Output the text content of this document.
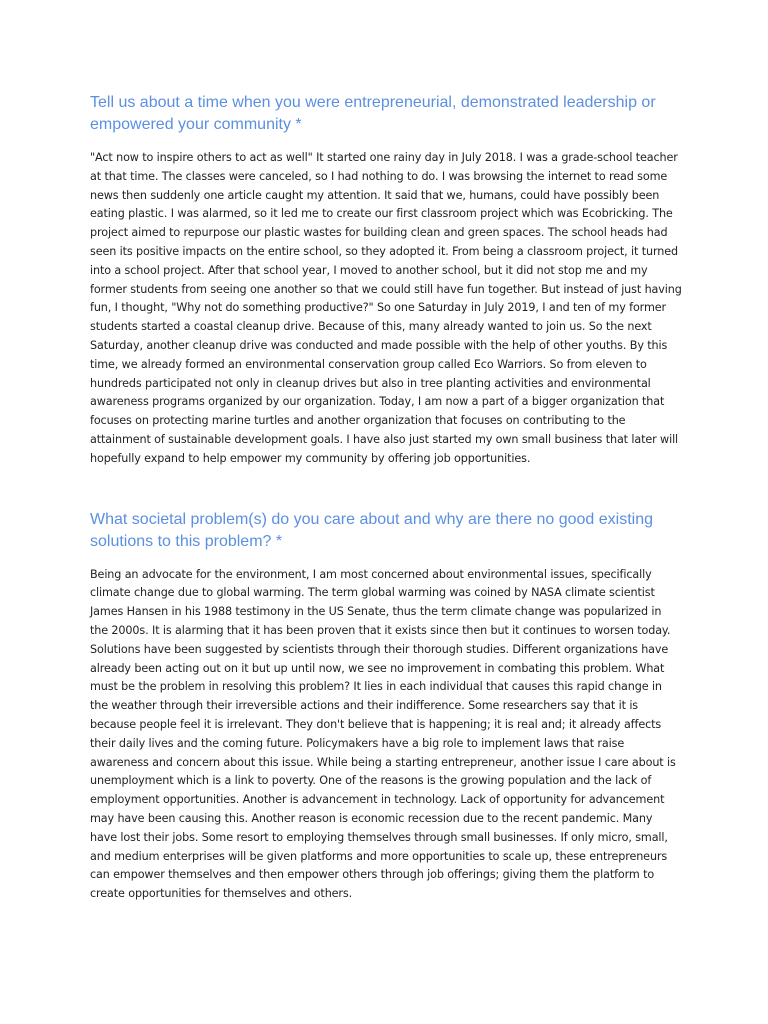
Tell us about a time when you were entrepreneurial, demonstrated leadership or empowered your community *

"Act now to inspire others to act as well" It started one rainy day in July 2018. I was a grade-school teacher at that time. The classes were canceled, so I had nothing to do. I was browsing the internet to read some news then suddenly one article caught my attention. It said that we, humans, could have possibly been eating plastic. I was alarmed, so it led me to create our first classroom project which was Ecobricking. The project aimed to repurpose our plastic wastes for building clean and green spaces. The school heads had seen its positive impacts on the entire school, so they adopted it. From being a classroom project, it turned into a school project. After that school year, I moved to another school, but it did not stop me and my former students from seeing one another so that we could still have fun together. But instead of just having fun, I thought, "Why not do something productive?" So one Saturday in July 2019, I and ten of my former students started a coastal cleanup drive. Because of this, many already wanted to join us. So the next Saturday, another cleanup drive was conducted and made possible with the help of other youths. By this time, we already formed an environmental conservation group called Eco Warriors. So from eleven to hundreds participated not only in cleanup drives but also in tree planting activities and environmental awareness programs organized by our organization. Today, I am now a part of a bigger organization that focuses on protecting marine turtles and another organization that focuses on contributing to the attainment of sustainable development goals. I have also just started my own small business that later will hopefully expand to help empower my community by offering job opportunities.

What societal problem(s) do you care about and why are there no good existing solutions to this problem? *

Being an advocate for the environment, I am most concerned about environmental issues, specifically climate change due to global warming. The term global warming was coined by NASA climate scientist James Hansen in his 1988 testimony in the US Senate, thus the term climate change was popularized in the 2000s. It is alarming that it has been proven that it exists since then but it continues to worsen today. Solutions have been suggested by scientists through their thorough studies. Different organizations have already been acting out on it but up until now, we see no improvement in combating this problem. What must be the problem in resolving this problem? It lies in each individual that causes this rapid change in the weather through their irreversible actions and their indifference. Some researchers say that it is because people feel it is irrelevant. They don't believe that is happening; it is real and; it already affects their daily lives and the coming future. Policymakers have a big role to implement laws that raise awareness and concern about this issue. While being a starting entrepreneur, another issue I care about is unemployment which is a link to poverty. One of the reasons is the growing population and the lack of employment opportunities. Another is advancement in technology. Lack of opportunity for advancement may have been causing this. Another reason is economic recession due to the recent pandemic. Many have lost their jobs. Some resort to employing themselves through small businesses. If only micro, small, and medium enterprises will be given platforms and more opportunities to scale up, these entrepreneurs can empower themselves and then empower others through job offerings; giving them the platform to create opportunities for themselves and others.
